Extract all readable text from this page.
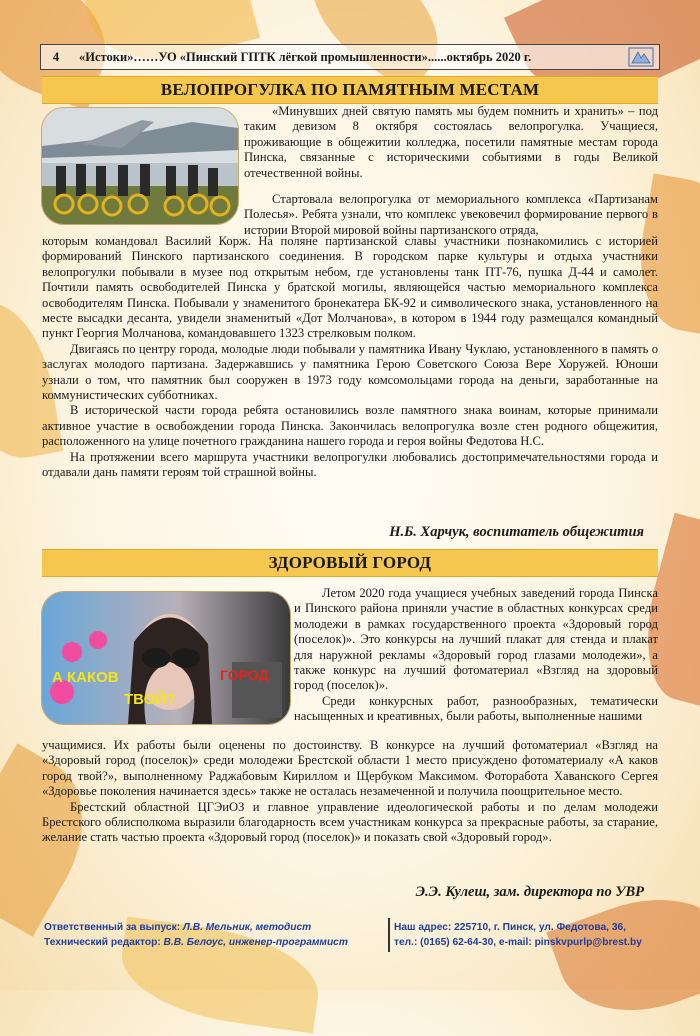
4	«Истоки»……УО «Пинский ГПТК лёгкой промышленности»......октябрь 2020 г.
ВЕЛОПРОГУЛКА ПО ПАМЯТНЫМ МЕСТАМ

«Минувших дней святую память мы будем помнить и хранить» – под таким девизом 8 октября состоялась велопрогулка. Учащиеся, проживающие в общежитии колледжа, посетили памятные местам города Пинска, связанные с историческими событиями в годы Великой отечественной войны.

Стартовала велопрогулка от мемориального комплекса «Партизанам Полесья». Ребята узнали, что комплекс увековечил формирование первого в истории Второй мировой войны партизанского отряда,

которым командовал Василий Корж. На поляне партизанской славы участники познакомились с историей формирований Пинского партизанского соединения. В городском парке культуры и отдыха участники велопрогулки побывали в музее под открытым небом, где установлены танк ПТ-76, пушка Д-44 и самолет. Почтили память освободителей Пинска у братской могилы, являющейся частью мемориального комплекса освободителям Пинска. Побывали у знаменитого бронекатера БК-92 и символического знака, установленного на месте высадки десанта, увидели знаменитый «Дот Молчанова», в котором в 1944 году размещался командный пункт Георгия Молчанова, командовавшего 1323 стрелковым полком.

Двигаясь по центру города, молодые люди побывали у памятника Ивану Чуклаю, установленного в память о заслугах молодого партизана. Задержавшись у памятника Герою Советского Союза Вере Хоружей. Юноши узнали о том, что памятник был сооружен в 1973 году комсомольцами города на деньги, заработанные на коммунистических субботниках.

В исторической части города ребята остановились возле памятного знака воинам, которые принимали активное участие в освобождении города Пинска. Закончилась велопрогулка возле стен родного общежития, расположенного на улице почетного гражданина нашего города и героя войны Федотова Н.С.

На протяжении всего маршрута участники велопрогулки любовались достопримечательностями города и отдавали дань памяти героям той страшной войны.

Н.Б. Харчук, воспитатель общежития
ЗДОРОВЫЙ ГОРОД
А КАКОВ
ТВОЙ?
ГОРОД

Летом 2020 года учащиеся учебных заведений города Пинска и Пинского района приняли участие в областных конкурсах среди молодежи в рамках государственного проекта «Здоровый город (поселок)». Это конкурсы на лучший плакат для стенда и плакат для наружной рекламы «Здоровый город глазами молодежи», а также конкурс на лучший фотоматериал «Взгляд на здоровый город (поселок)».

Среди конкурсных работ, разнообразных, тематически насыщенных и креативных, были работы, выполненные нашими

учащимися. Их работы были оценены по достоинству. В конкурсе на лучший фотоматериал «Взгляд на «Здоровый город (поселок)» среди молодежи Брестской области 1 место присуждено фотоматериалу «А каков город твой?», выполненному Раджабовым Кириллом и Щербуком Максимом. Фоторабота Хаванского Сергея «Здоровье поколения начинается здесь» также не осталась незамеченной и получила поощрительное место.

Брестский областной ЦГЭиОЗ и главное управление идеологической работы и по делам молодежи Брестского облисполкома выразили благодарность всем участникам конкурса за прекрасные работы, за старание, желание стать частью проекта «Здоровый город (поселок)» и показать свой «Здоровый город».

Э.Э. Кулеш, зам. директора по УВР
Ответственный за выпуск: Л.В. Мельник, методист
Технический редактор: В.В. Белоус, инженер-программист
Наш адрес: 225710, г. Пинск, ул. Федотова, 36,
тел.: (0165) 62-64-30, e-mail: pinskvpurlp@brest.by
